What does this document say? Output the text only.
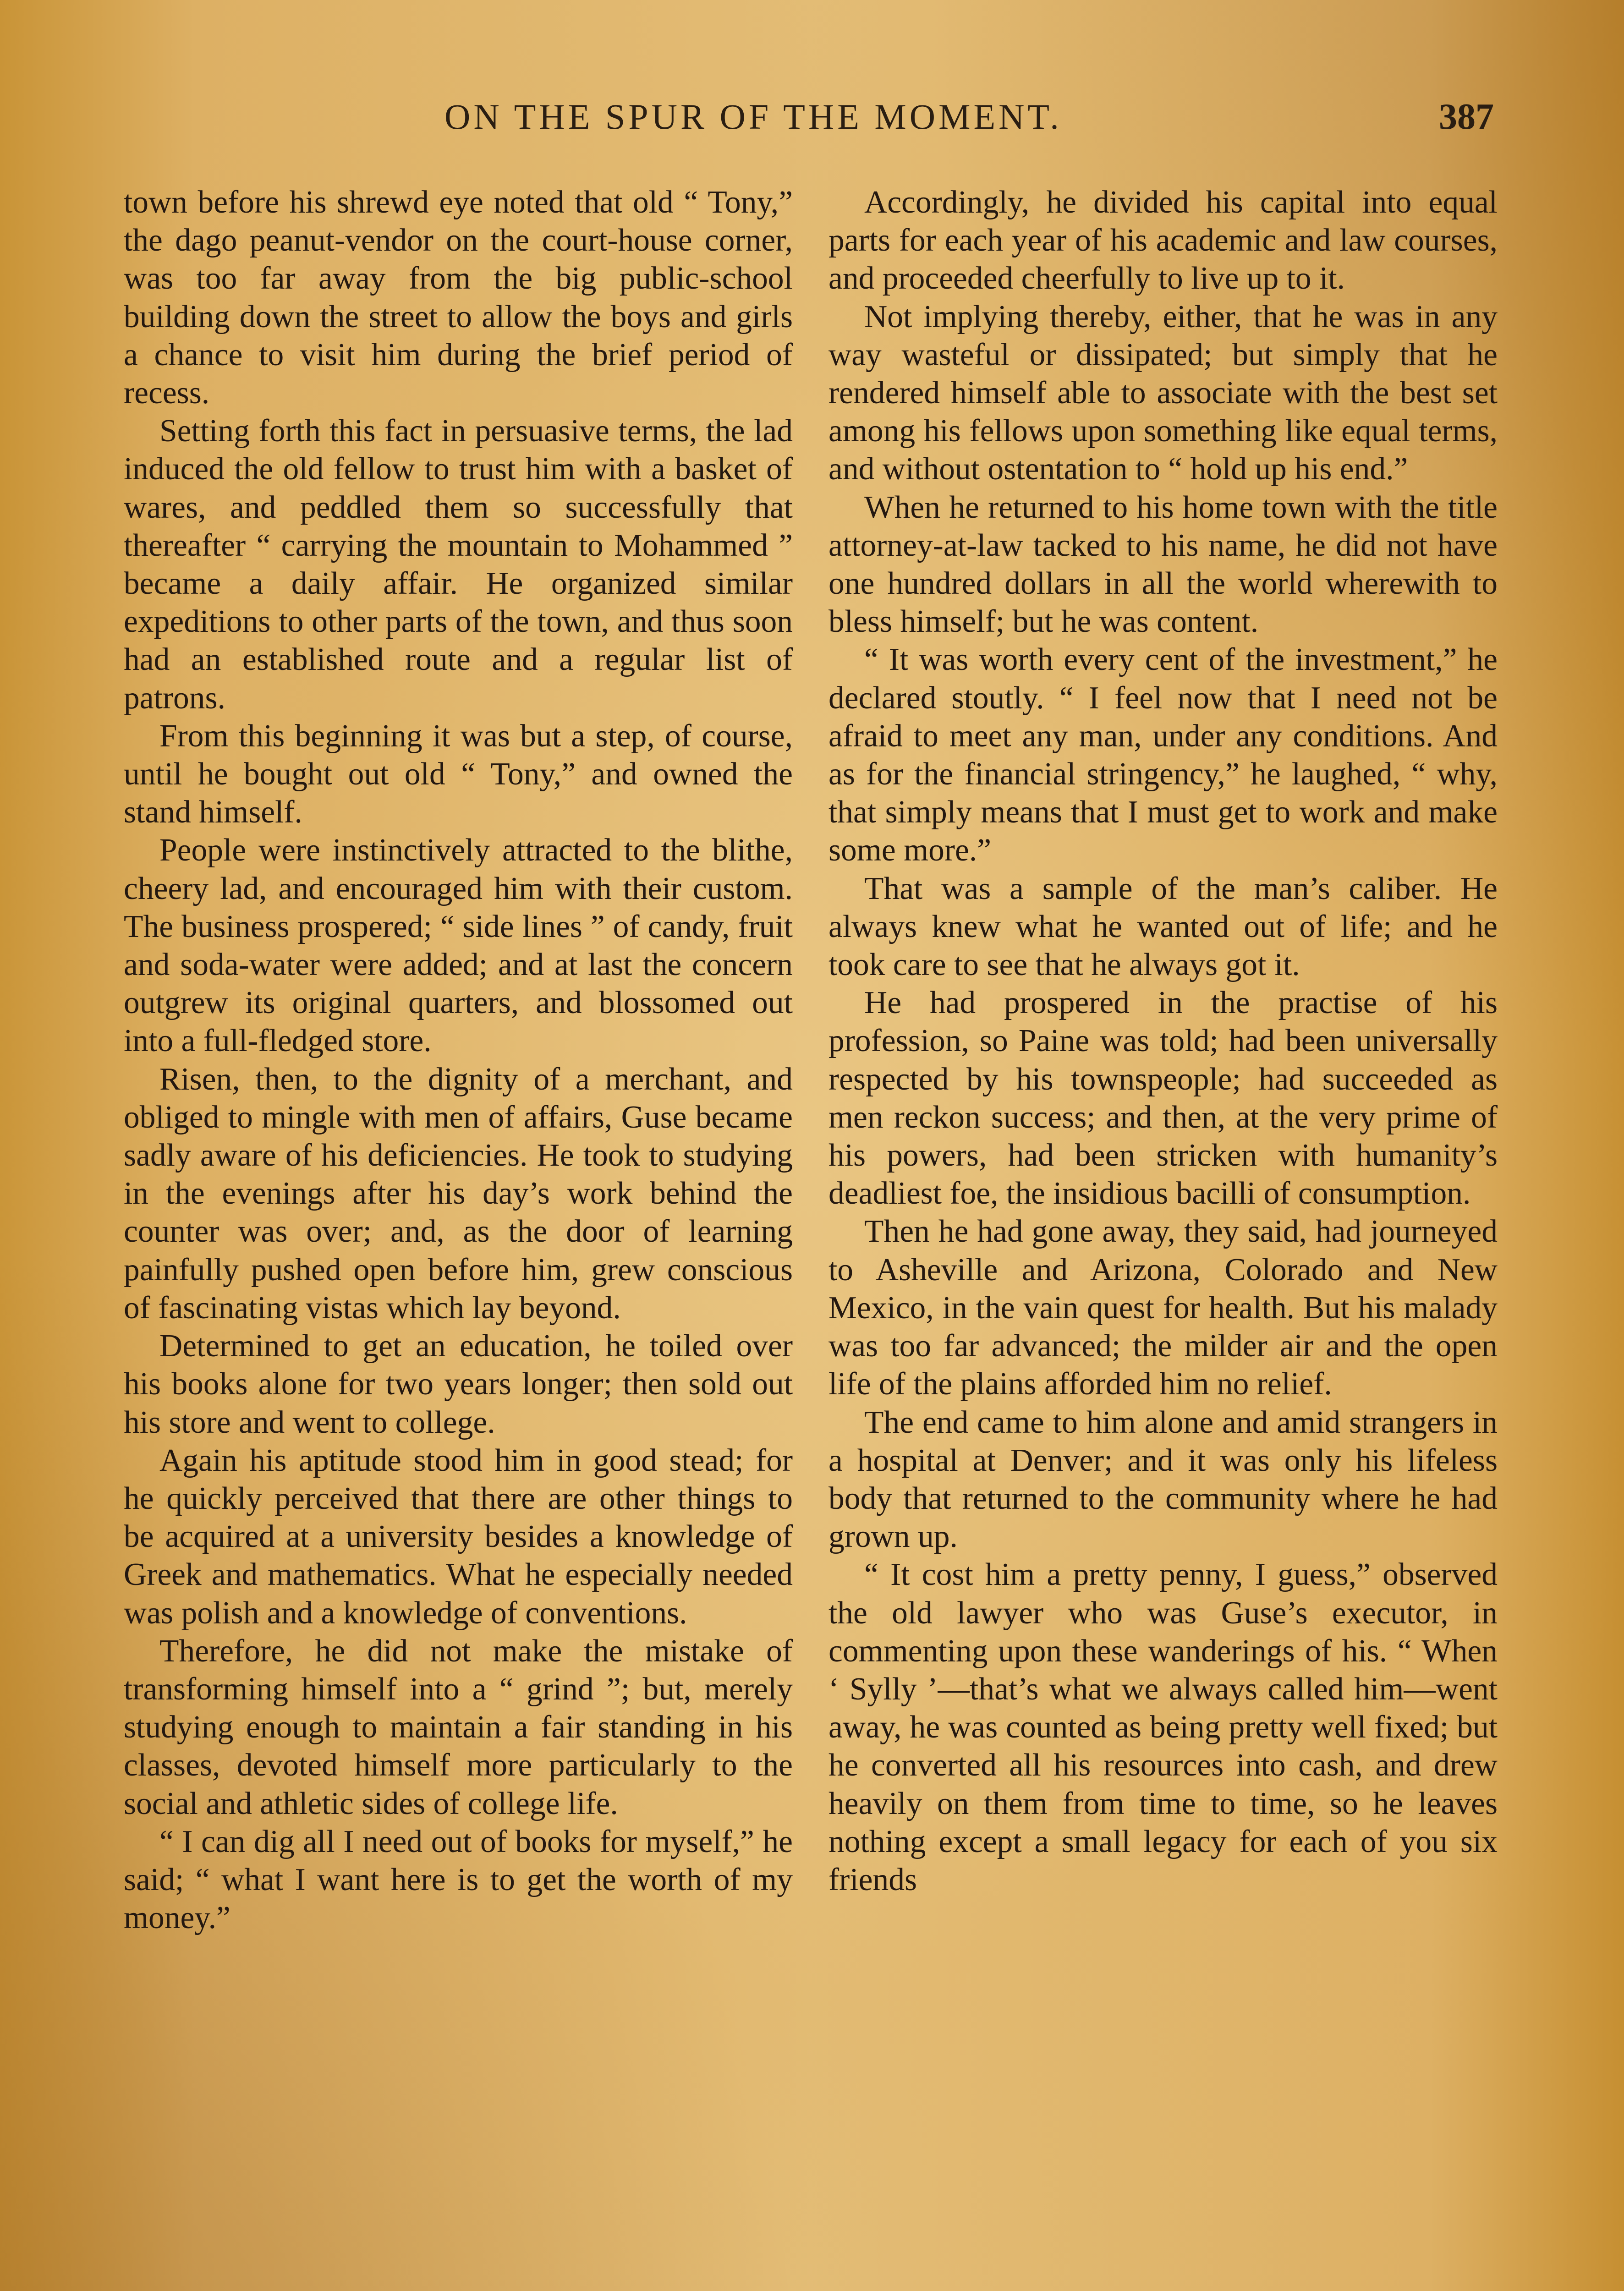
ON THE SPUR OF THE MOMENT.	387

town before his shrewd eye noted that old “ Tony,” the dago peanut-vendor on the court-house corner, was too far away from the big public-school building down the street to allow the boys and girls a chance to visit him during the brief period of recess.

Setting forth this fact in persuasive terms, the lad induced the old fellow to trust him with a basket of wares, and peddled them so successfully that thereafter “ carrying the mountain to Mohammed ” became a daily affair. He organized similar expeditions to other parts of the town, and thus soon had an established route and a regular list of patrons.

From this beginning it was but a step, of course, until he bought out old “ Tony,” and owned the stand himself.

People were instinctively attracted to the blithe, cheery lad, and encouraged him with their custom. The business prospered; “ side lines ” of candy, fruit and soda-water were added; and at last the concern outgrew its original quarters, and blossomed out into a full-fledged store.

Risen, then, to the dignity of a merchant, and obliged to mingle with men of affairs, Guse became sadly aware of his deficiencies. He took to studying in the evenings after his day’s work behind the counter was over; and, as the door of learning painfully pushed open before him, grew conscious of fascinating vistas which lay beyond.

Determined to get an education, he toiled over his books alone for two years longer; then sold out his store and went to college.

Again his aptitude stood him in good stead; for he quickly perceived that there are other things to be acquired at a university besides a knowledge of Greek and mathematics. What he especially needed was polish and a knowledge of conventions.

Therefore, he did not make the mistake of transforming himself into a “ grind ”; but, merely studying enough to maintain a fair standing in his classes, devoted himself more particularly to the social and athletic sides of college life.

“ I can dig all I need out of books for myself,” he said; “ what I want here is to get the worth of my money.”

Accordingly, he divided his capital into equal parts for each year of his academic and law courses, and proceeded cheerfully to live up to it.

Not implying thereby, either, that he was in any way wasteful or dissipated; but simply that he rendered himself able to associate with the best set among his fellows upon something like equal terms, and without ostentation to “ hold up his end.”

When he returned to his home town with the title attorney-at-law tacked to his name, he did not have one hundred dollars in all the world wherewith to bless himself; but he was content.

“ It was worth every cent of the investment,” he declared stoutly. “ I feel now that I need not be afraid to meet any man, under any conditions. And as for the financial stringency,” he laughed, “ why, that simply means that I must get to work and make some more.”

That was a sample of the man’s caliber. He always knew what he wanted out of life; and he took care to see that he always got it.

He had prospered in the practise of his profession, so Paine was told; had been universally respected by his townspeople; had succeeded as men reckon success; and then, at the very prime of his powers, had been stricken with humanity’s deadliest foe, the insidious bacilli of consumption.

Then he had gone away, they said, had journeyed to Asheville and Arizona, Colorado and New Mexico, in the vain quest for health. But his malady was too far advanced; the milder air and the open life of the plains afforded him no relief.

The end came to him alone and amid strangers in a hospital at Denver; and it was only his lifeless body that returned to the community where he had grown up.

“ It cost him a pretty penny, I guess,” observed the old lawyer who was Guse’s executor, in commenting upon these wanderings of his. “ When ‘ Sylly ’—that’s what we always called him—went away, he was counted as being pretty well fixed; but he converted all his resources into cash, and drew heavily on them from time to time, so he leaves nothing except a small legacy for each of you six friends
